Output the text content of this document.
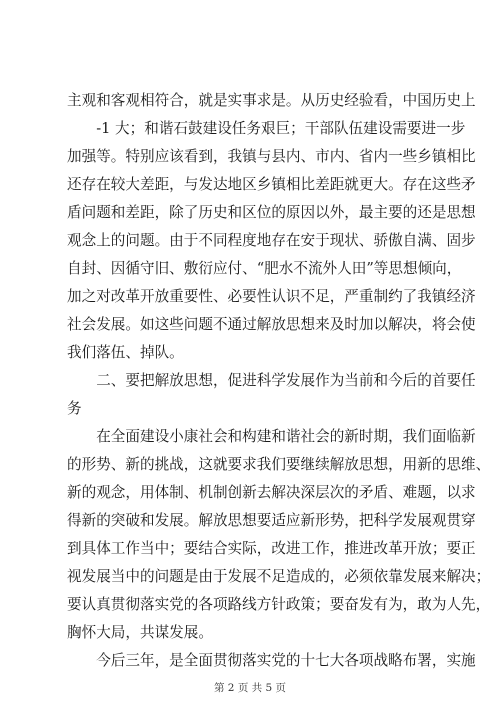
主观和客观相符合，就是实事求是。从历史经验看，中国历史上
　　-1 大；和谐石鼓建设任务艰巨；干部队伍建设需要进一步
加强等。特别应该看到，我镇与县内、市内、省内一些乡镇相比
还存在较大差距，与发达地区乡镇相比差距就更大。存在这些矛
盾问题和差距，除了历史和区位的原因以外，最主要的还是思想
观念上的问题。由于不同程度地存在安于现状、骄傲自满、固步
自封、因循守旧、敷衍应付、“肥水不流外人田”等思想倾向，
加之对改革开放重要性、必要性认识不足，严重制约了我镇经济
社会发展。如这些问题不通过解放思想来及时加以解决，将会使
我们落伍、掉队。
　　二、要把解放思想，促进科学发展作为当前和今后的首要任
务
　　在全面建设小康社会和构建和谐社会的新时期，我们面临新
的形势、新的挑战，这就要求我们要继续解放思想，用新的思维、
新的观念，用体制、机制创新去解决深层次的矛盾、难题，以求
得新的突破和发展。解放思想要适应新形势，把科学发展观贯穿
到具体工作当中；要结合实际，改进工作，推进改革开放；要正
视发展当中的问题是由于发展不足造成的，必须依靠发展来解决；
要认真贯彻落实党的各项路线方针政策；要奋发有为，敢为人先，
胸怀大局，共谋发展。
　　今后三年，是全面贯彻落实党的十七大各项战略布署，实施
第 2 页 共 5 页
